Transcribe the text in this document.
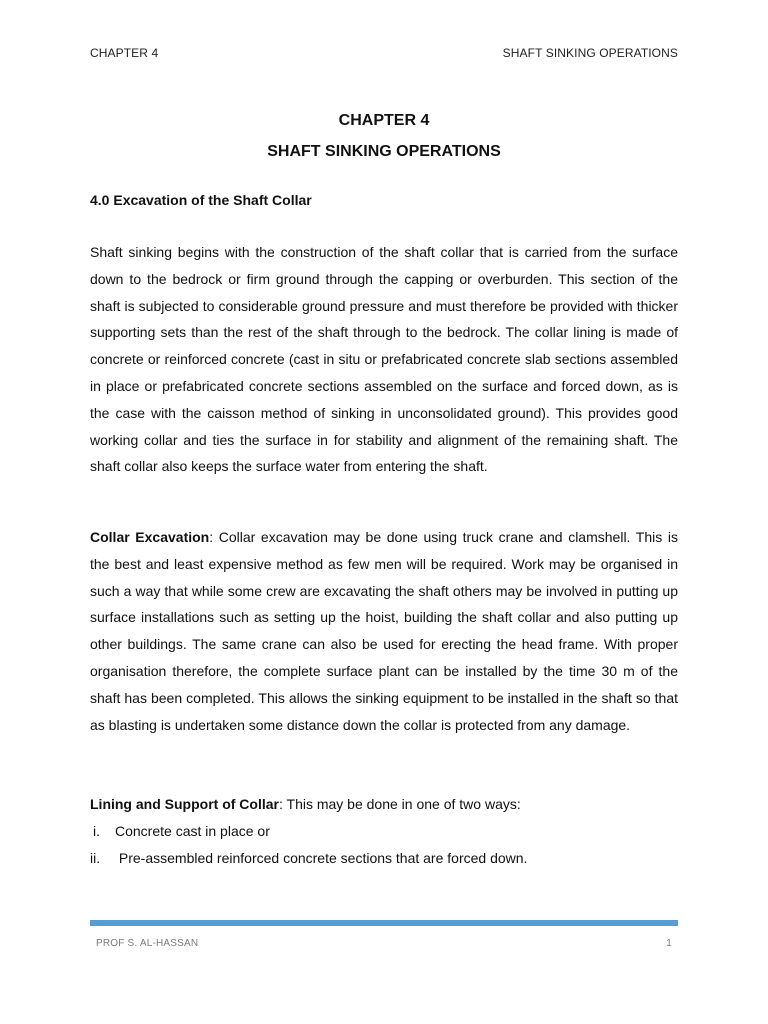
CHAPTER 4	SHAFT SINKING OPERATIONS
CHAPTER 4
SHAFT SINKING OPERATIONS
4.0 Excavation of the Shaft Collar

Shaft sinking begins with the construction of the shaft collar that is carried from the surface down to the bedrock or firm ground through the capping or overburden. This section of the shaft is subjected to considerable ground pressure and must therefore be provided with thicker supporting sets than the rest of the shaft through to the bedrock. The collar lining is made of concrete or reinforced concrete (cast in situ or prefabricated concrete slab sections assembled in place or prefabricated concrete sections assembled on the surface and forced down, as is the case with the caisson method of sinking in unconsolidated ground). This provides good working collar and ties the surface in for stability and alignment of the remaining shaft. The shaft collar also keeps the surface water from entering the shaft.

Collar Excavation: Collar excavation may be done using truck crane and clamshell. This is the best and least expensive method as few men will be required. Work may be organised in such a way that while some crew are excavating the shaft others may be involved in putting up surface installations such as setting up the hoist, building the shaft collar and also putting up other buildings. The same crane can also be used for erecting the head frame. With proper organisation therefore, the complete surface plant can be installed by the time 30 m of the shaft has been completed. This allows the sinking equipment to be installed in the shaft so that as blasting is undertaken some distance down the collar is protected from any damage.

Lining and Support of Collar: This may be done in one of two ways:

i.	Concrete cast in place or
ii.	Pre-assembled reinforced concrete sections that are forced down.
PROF S. AL-HASSAN	1
